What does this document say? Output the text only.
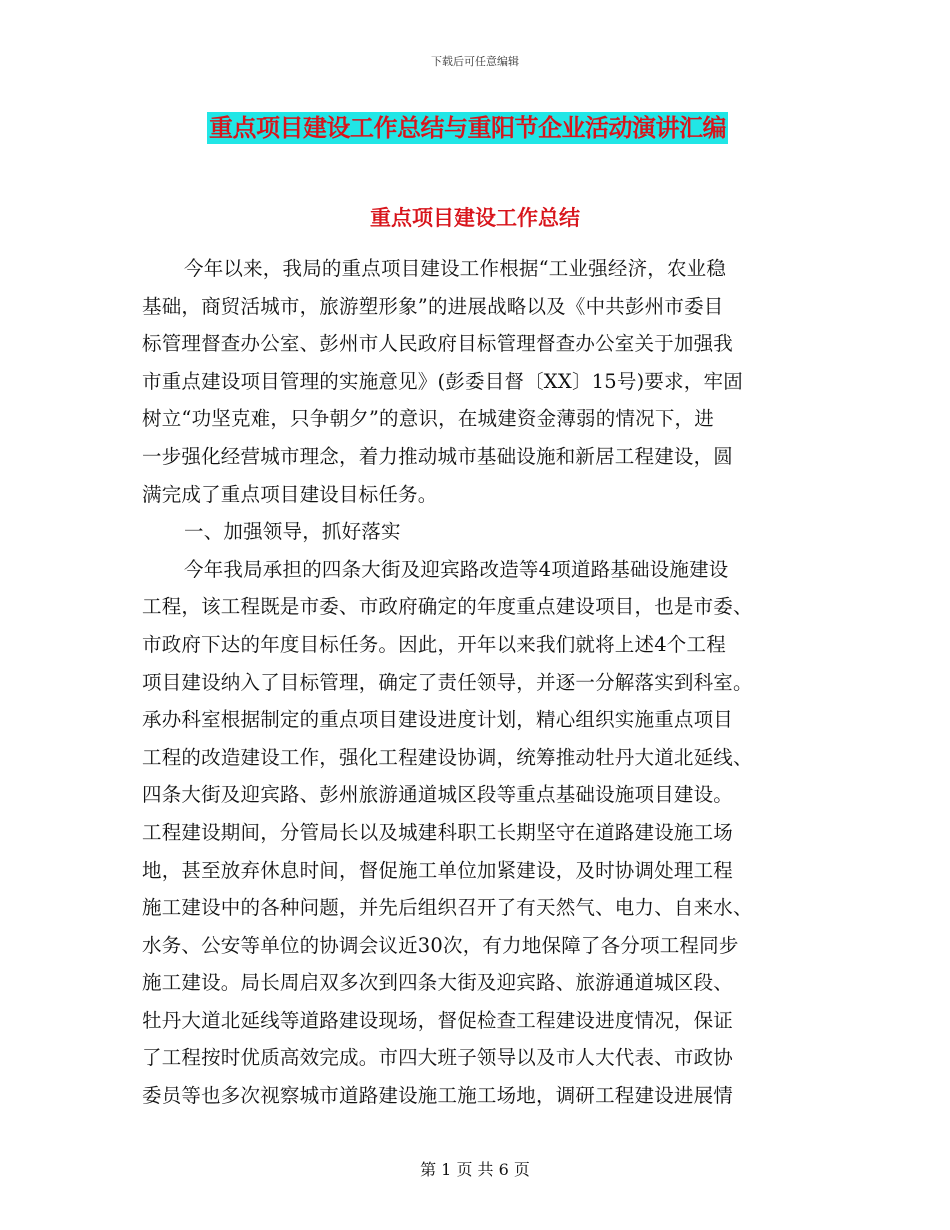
下载后可任意编辑
重点项目建设工作总结与重阳节企业活动演讲汇编
重点项目建设工作总结
今年以来，我局的重点项目建设工作根据“工业强经济，农业稳
基础，商贸活城市，旅游塑形象”的进展战略以及《中共彭州市委目
标管理督查办公室、彭州市人民政府目标管理督查办公室关于加强我
市重点建设项目管理的实施意见》(彭委目督〔XX〕15号)要求，牢固
树立“功坚克难，只争朝夕”的意识，在城建资金薄弱的情况下，进
一步强化经营城市理念，着力推动城市基础设施和新居工程建设，圆
满完成了重点项目建设目标任务。
一、加强领导，抓好落实
今年我局承担的四条大街及迎宾路改造等4项道路基础设施建设
工程，该工程既是市委、市政府确定的年度重点建设项目，也是市委、
市政府下达的年度目标任务。因此，开年以来我们就将上述4个工程
项目建设纳入了目标管理，确定了责任领导，并逐一分解落实到科室。
承办科室根据制定的重点项目建设进度计划，精心组织实施重点项目
工程的改造建设工作，强化工程建设协调，统筹推动牡丹大道北延线、
四条大街及迎宾路、彭州旅游通道城区段等重点基础设施项目建设。
工程建设期间，分管局长以及城建科职工长期坚守在道路建设施工场
地，甚至放弃休息时间，督促施工单位加紧建设，及时协调处理工程
施工建设中的各种问题，并先后组织召开了有天然气、电力、自来水、
水务、公安等单位的协调会议近30次，有力地保障了各分项工程同步
施工建设。局长周启双多次到四条大街及迎宾路、旅游通道城区段、
牡丹大道北延线等道路建设现场，督促检查工程建设进度情况，保证
了工程按时优质高效完成。市四大班子领导以及市人大代表、市政协
委员等也多次视察城市道路建设施工施工场地，调研工程建设进展情
第 1 页 共 6 页
